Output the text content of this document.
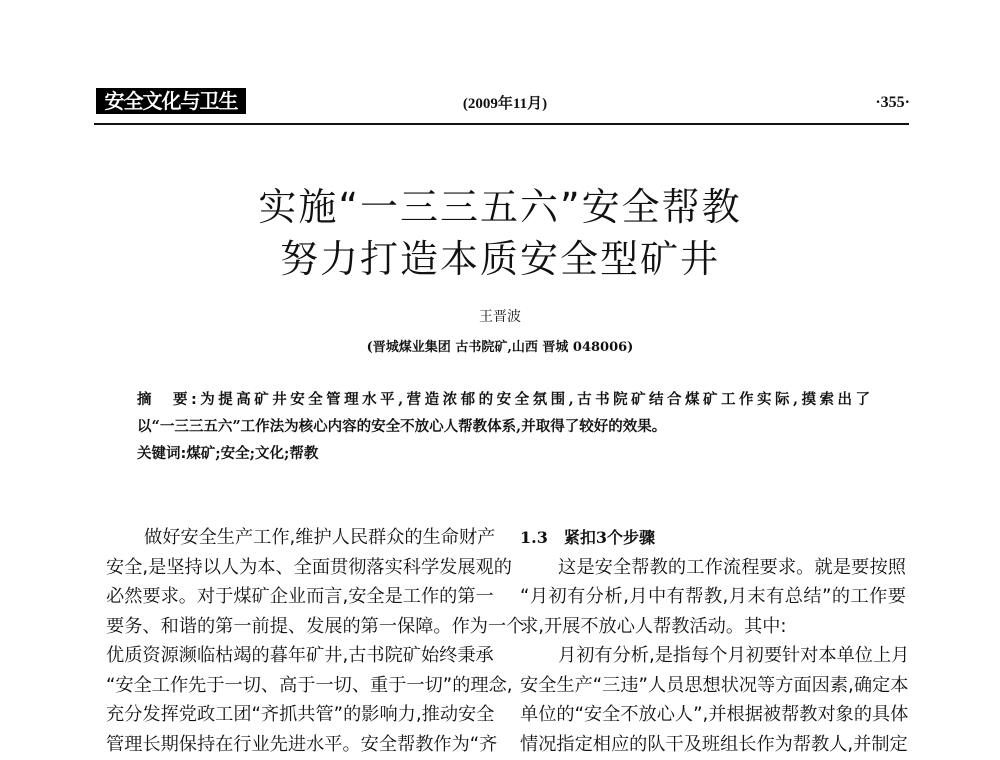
安全文化与卫生	(2009年11月)	·355·
实施“一三三五六”安全帮教
努力打造本质安全型矿井
王晋波
(晋城煤业集团 古书院矿,山西 晋城 048006)
摘　要:为提高矿井安全管理水平,营造浓郁的安全氛围,古书院矿结合煤矿工作实际,摸索出了
以“一三三五六”工作法为核心内容的安全不放心人帮教体系,并取得了较好的效果。
关键词:煤矿;安全;文化;帮教
做好安全生产工作,维护人民群众的生命财产
安全,是坚持以人为本、全面贯彻落实科学发展观的
必然要求。对于煤矿企业而言,安全是工作的第一
要务、和谐的第一前提、发展的第一保障。作为一个
优质资源濒临枯竭的暮年矿井,古书院矿始终秉承
“安全工作先于一切、高于一切、重于一切”的理念,
充分发挥党政工团“齐抓共管”的影响力,推动安全
管理长期保持在行业先进水平。安全帮教作为“齐
1.3　紧扣3个步骤
这是安全帮教的工作流程要求。就是要按照
“月初有分析,月中有帮教,月末有总结”的工作要
求,开展不放心人帮教活动。其中:
月初有分析,是指每个月初要针对本单位上月
安全生产“三违”人员思想状况等方面因素,确定本
单位的“安全不放心人”,并根据被帮教对象的具体
情况指定相应的队干及班组长作为帮教人,并制定
